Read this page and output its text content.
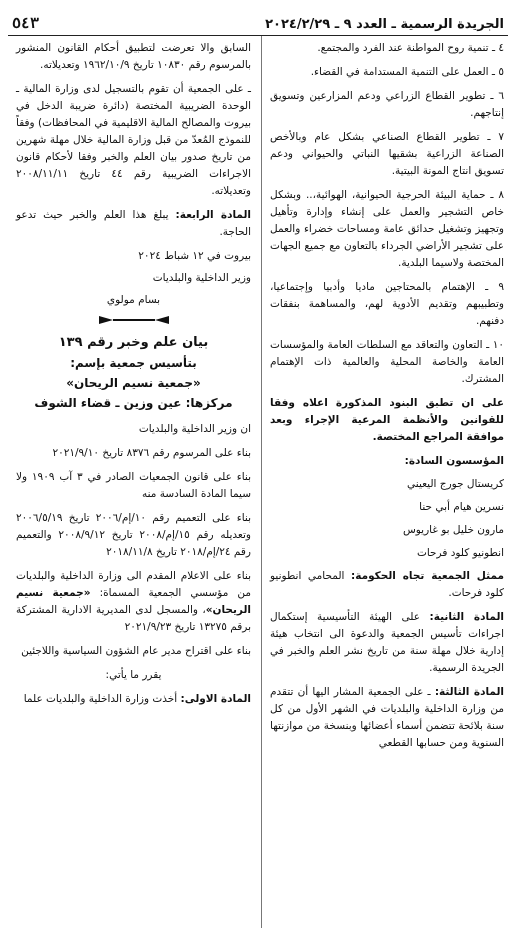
الجريدة الرسمية ـ العدد ٩ ـ ٢٠٢٤/٢/٢٩
٥٤٣

٤ ـ تنمية روح المواطنة عند الفرد والمجتمع.

٥ ـ العمل على التنمية المستدامة في القضاء.

٦ ـ تطوير القطاع الزراعي ودعم المزارعين وتسويق إنتاجهم.

٧ ـ تطوير القطاع الصناعي بشكل عام وبالأخص الصناعة الزراعية بشقيها النباتي والحيواني ودعم تسويق انتاج المونة البيتية.

٨ ـ حماية البيئة الحرجية الحيوانية، الهوائية،.. وبشكل خاص التشجير والعمل على إنشاء وإدارة وتأهيل وتجهيز وتشغيل حدائق عامة ومساحات خضراء والعمل على تشجير الأراضي الجرداء بالتعاون مع جميع الجهات المختصة ولاسيما البلدية.

٩ ـ الإهتمام بالمحتاجين ماديا وأدبيا وإجتماعيا، وتطبيبهم وتقديم الأدوية لهم، والمساهمة بنفقات دفنهم.

١٠ ـ التعاون والتعاقد مع السلطات العامة والمؤسسات العامة والخاصة المحلية والعالمية ذات الإهتمام المشترك.

على ان تطبق البنود المذكورة اعلاه وفقا للقوانين والأنظمة المرعية الإجراء وبعد موافقة المراجع المختصة.

المؤسسون السادة:

كريستال جورج اليعيني

نسرين هيام أبي حنا

مارون خليل بو غاريوس

انطونيو كلود فرحات

ممثل الجمعية تجاه الحكومة: المحامي انطونيو كلود فرحات.

المادة الثانية: على الهيئة التأسيسية إستكمال اجراءات تأسيس الجمعية والدعوة الى انتخاب هيئة إدارية خلال مهلة سنة من تاريخ نشر العلم والخبر في الجريدة الرسمية.

المادة الثالثة: ـ على الجمعية المشار اليها أن تتقدم من وزارة الداخلية والبلديات في الشهر الأول من كل سنة بلائحة تتضمن أسماء أعضائها وبنسخة من موازنتها السنوية ومن حسابها القطعي

السابق والا تعرضت لتطبيق أحكام القانون المنشور بالمرسوم رقم ١٠٨٣٠ تاريخ ١٩٦٢/١٠/٩ وتعديلاته.

ـ على الجمعية أن تقوم بالتسجيل لدى وزارة المالية ـ الوحدة الضريبية المختصة (دائرة ضريبة الدخل في بيروت والمصالح المالية الاقليمية في المحافظات) وفقاً للنموذج المُعدّ من قبل وزارة المالية خلال مهلة شهرين من تاريخ صدور بيان العلم والخبر وفقا لأحكام قانون الاجراءات الضريبية رقم ٤٤ تاريخ ٢٠٠٨/١١/١١ وتعديلاته.

المادة الرابعة: يبلغ هذا العلم والخبر حيث تدعو الحاجة.

بيروت في ١٢ شباط ٢٠٢٤

وزير الداخلية والبلديات

بسام مولوي

بيان علم وخبر رقم ١٣٩

بتأسيس جمعية بإسم:

«جمعية نسيم الريحان»

مركزها: عين وزين ـ قضاء الشوف

ان وزير الداخلية والبلديات

بناء على المرسوم رقم ٨٣٧٦ تاريخ ٢٠٢١/٩/١٠

بناء على قانون الجمعيات الصادر في ٣ آب ١٩٠٩ ولا سيما المادة السادسة منه

بناء على التعميم رقم ١٠/إم/٢٠٠٦ تاريخ ٢٠٠٦/٥/١٩ وتعديله رقم ١٥/إم/٢٠٠٨ تاريخ ٢٠٠٨/٩/١٢ والتعميم رقم ٢٤/إم/٢٠١٨ تاريخ ٢٠١٨/١١/٨

بناء على الاعلام المقدم الى وزارة الداخلية والبلديات من مؤسسي الجمعية المسماة: «جمعية نسيم الريحان»، والمسجل لدى المديرية الادارية المشتركة برقم ١٣٢٧٥ تاريخ ٢٠٢١/٩/٢٣

بناء على اقتراح مدير عام الشؤون السياسية واللاجئين

يقرر ما يأتي:

المادة الاولى: أخذت وزارة الداخلية والبلديات علما
